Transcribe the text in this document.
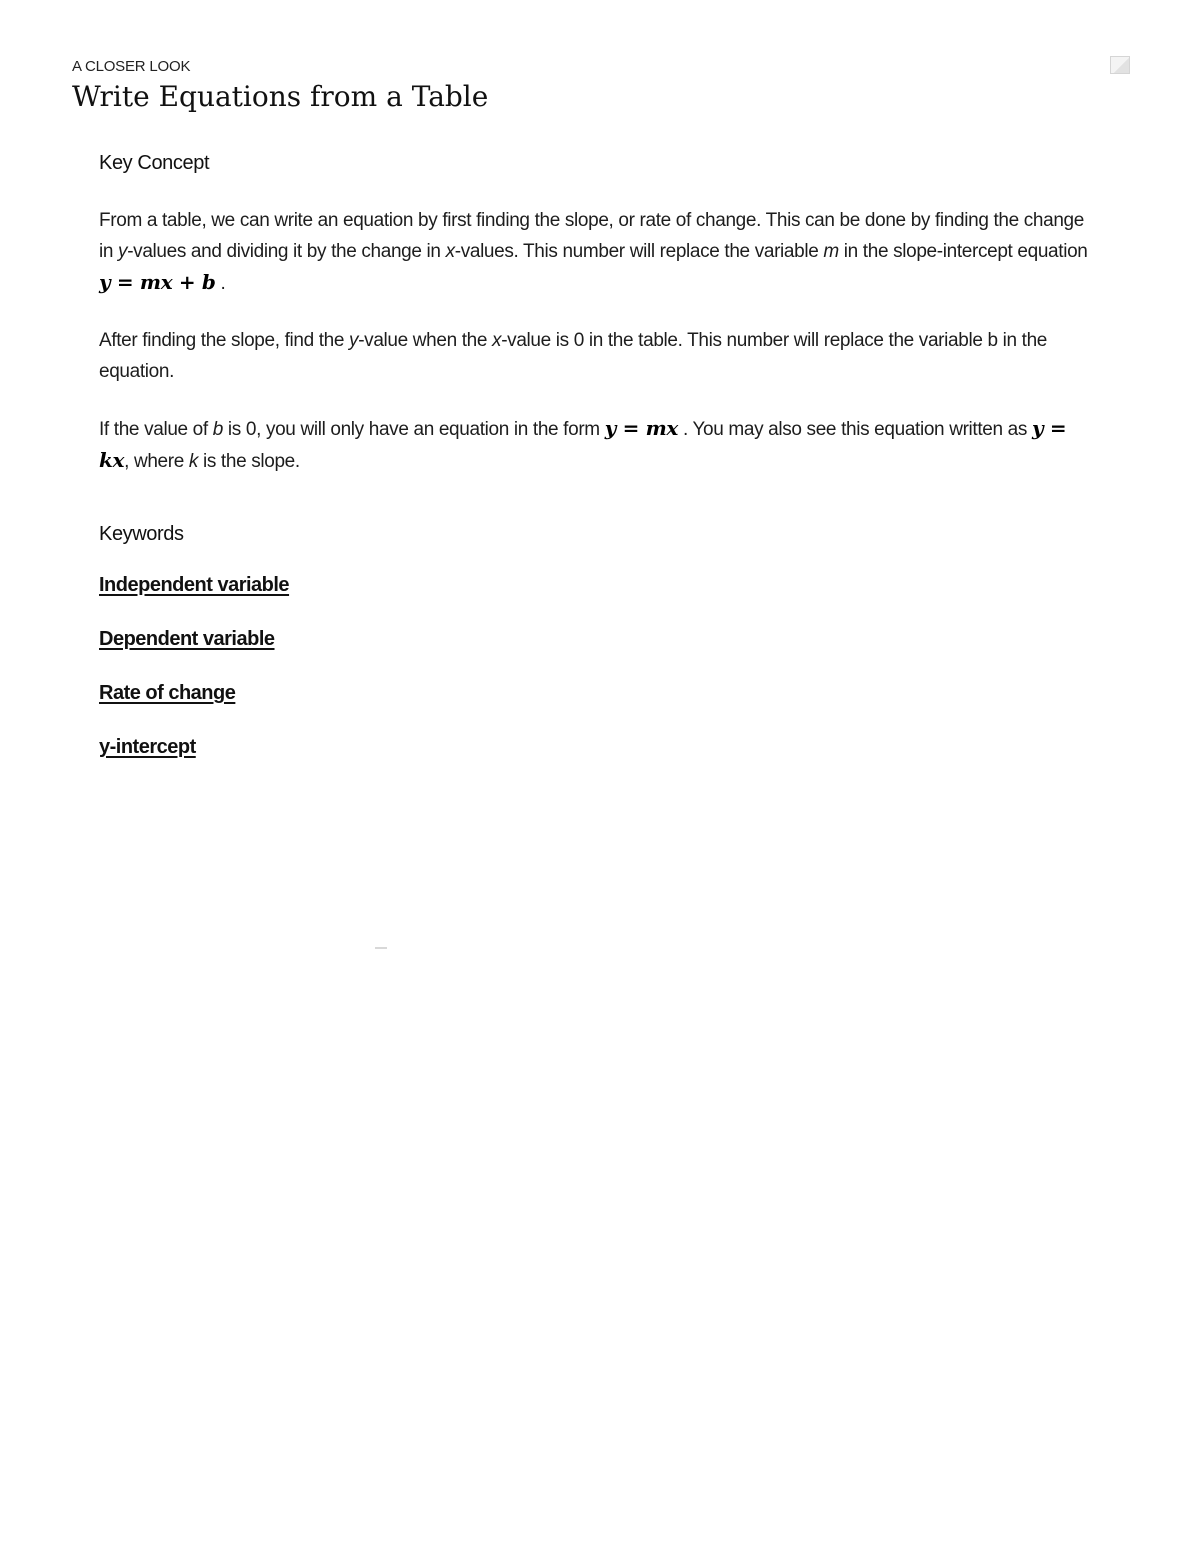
A CLOSER LOOK
Write Equations from a Table
Key Concept

From a table, we can write an equation by first finding the slope, or rate of change. This can be done by finding the change in y-values and dividing it by the change in x-values. This number will replace the variable m in the slope-intercept equation y = mx + b .

After finding the slope, find the y-value when the x-value is 0 in the table. This number will replace the variable b in the equation.

If the value of b is 0, you will only have an equation in the form y = mx . You may also see this equation written as y = kx, where k is the slope.

Keywords
Independent variable
Dependent variable
Rate of change
y-intercept
